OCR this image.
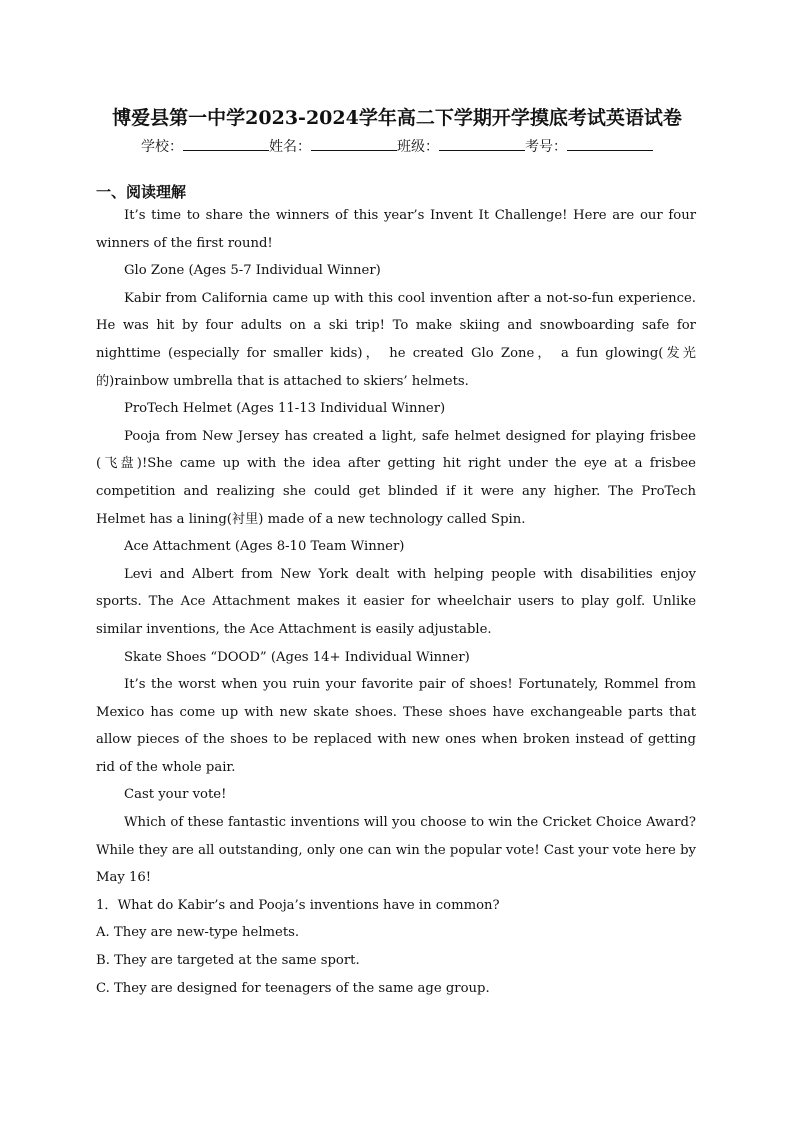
博爱县第一中学2023-2024学年高二下学期开学摸底考试英语试卷
学校：	姓名：	班级：	考号：
一、阅读理解

It’s time to share the winners of this year’s Invent It Challenge! Here are our four winners of the first round!

Glo Zone (Ages 5-7 Individual Winner)

Kabir from California came up with this cool invention after a not-so-fun experience. He was hit by four adults on a ski trip! To make skiing and snowboarding safe for nighttime (especially for smaller kids)， he created Glo Zone， a fun glowing(发光的)rainbow umbrella that is attached to skiers’ helmets.

ProTech Helmet (Ages 11-13 Individual Winner)

Pooja from New Jersey has created a light, safe helmet designed for playing frisbee (飞盘)!She came up with the idea after getting hit right under the eye at a frisbee competition and realizing she could get blinded if it were any higher. The ProTech Helmet has a lining(衬里) made of a new technology called Spin.

Ace Attachment (Ages 8-10 Team Winner)

Levi and Albert from New York dealt with helping people with disabilities enjoy sports. The Ace Attachment makes it easier for wheelchair users to play golf. Unlike similar inventions, the Ace Attachment is easily adjustable.

Skate Shoes “DOOD” (Ages 14+ Individual Winner)

It’s the worst when you ruin your favorite pair of shoes! Fortunately, Rommel from Mexico has come up with new skate shoes. These shoes have exchangeable parts that allow pieces of the shoes to be replaced with new ones when broken instead of getting rid of the whole pair.

Cast your vote!

Which of these fantastic inventions will you choose to win the Cricket Choice Award? While they are all outstanding, only one can win the popular vote! Cast your vote here by May 16!

1．What do Kabir’s and Pooja’s inventions have in common?

A. They are new-type helmets.

B. They are targeted at the same sport.

C. They are designed for teenagers of the same age group.
